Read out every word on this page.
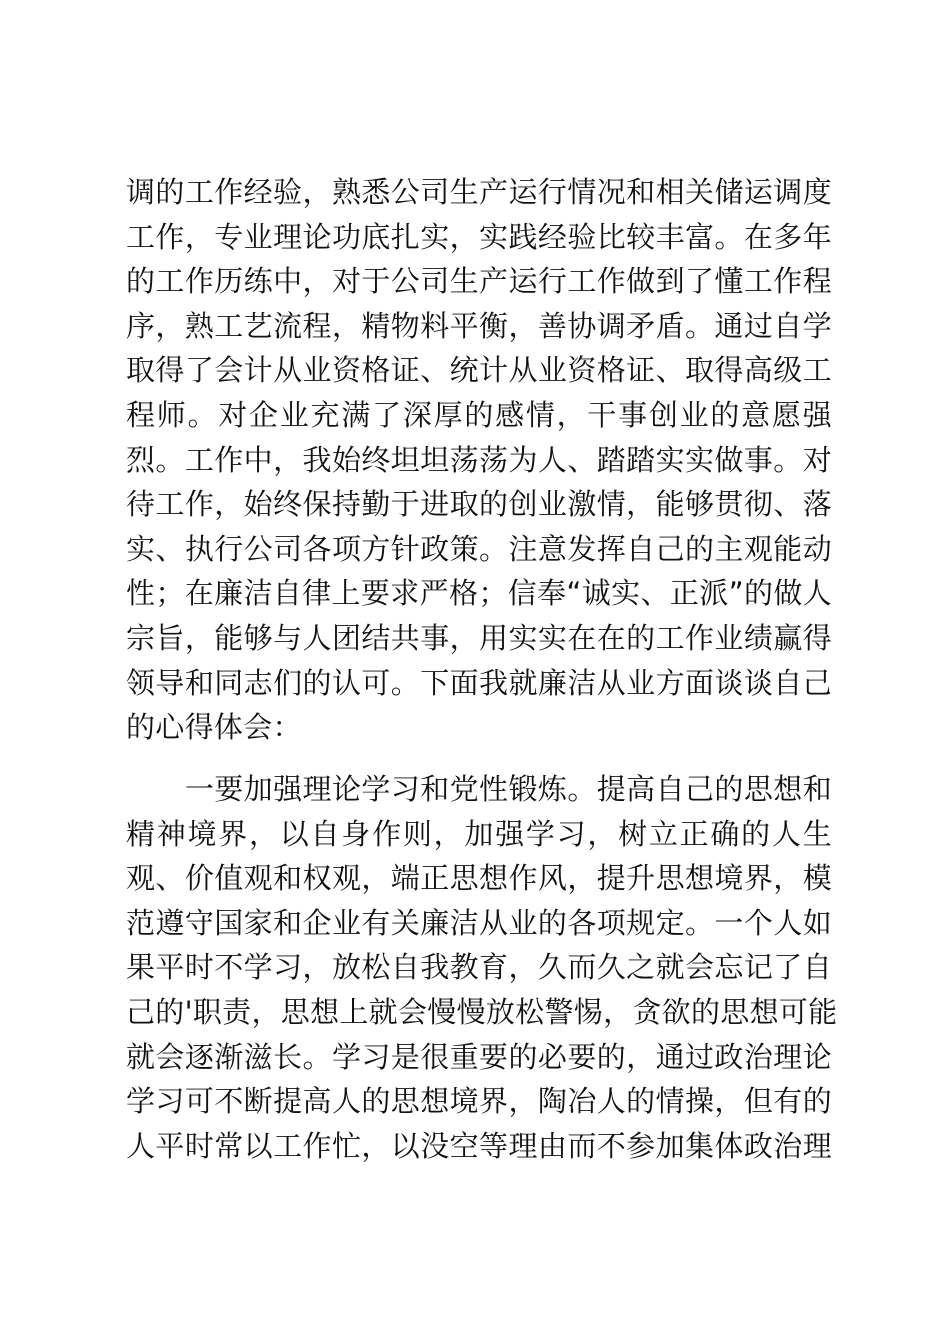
调的工作经验，熟悉公司生产运行情况和相关储运调度
工作，专业理论功底扎实，实践经验比较丰富。在多年
的工作历练中，对于公司生产运行工作做到了懂工作程
序，熟工艺流程，精物料平衡，善协调矛盾。通过自学
取得了会计从业资格证、统计从业资格证、取得高级工
程师。对企业充满了深厚的感情，干事创业的意愿强
烈。工作中，我始终坦坦荡荡为人、踏踏实实做事。对
待工作，始终保持勤于进取的创业激情，能够贯彻、落
实、执行公司各项方针政策。注意发挥自己的主观能动
性；在廉洁自律上要求严格；信奉“诚实、正派”的做人
宗旨，能够与人团结共事，用实实在在的工作业绩赢得
领导和同志们的认可。下面我就廉洁从业方面谈谈自己
的心得体会：
　　一要加强理论学习和党性锻炼。提高自己的思想和
精神境界，以自身作则，加强学习，树立正确的人生
观、价值观和权观，端正思想作风，提升思想境界，模
范遵守国家和企业有关廉洁从业的各项规定。一个人如
果平时不学习，放松自我教育，久而久之就会忘记了自
己的'职责，思想上就会慢慢放松警惕，贪欲的思想可能
就会逐渐滋长。学习是很重要的必要的，通过政治理论
学习可不断提高人的思想境界，陶冶人的情操，但有的
人平时常以工作忙，以没空等理由而不参加集体政治理
